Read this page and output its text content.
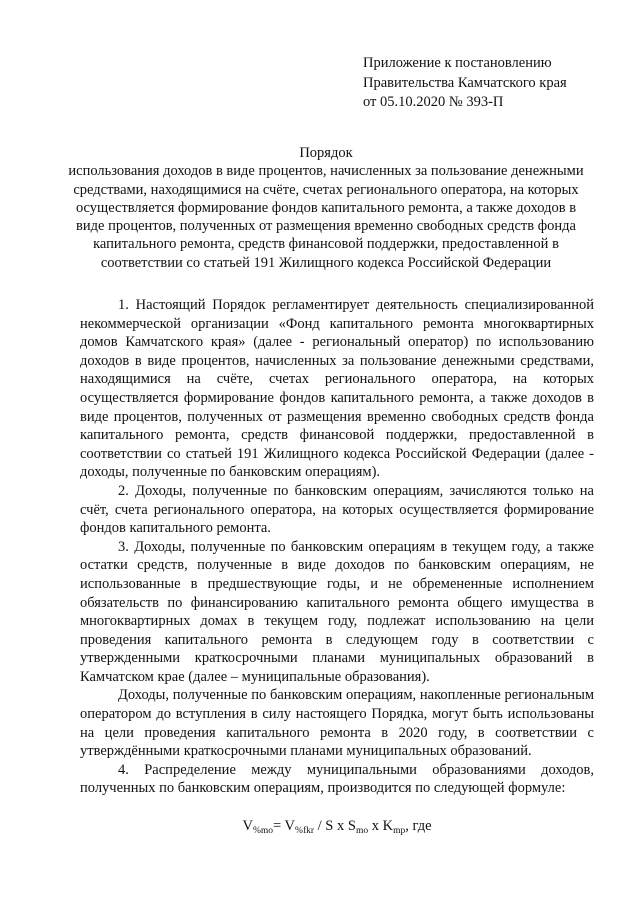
Приложение к постановлению
Правительства Камчатского края
от 05.10.2020 № 393-П
Порядок
использования доходов в виде процентов, начисленных за пользование денежными средствами, находящимися на счёте, счетах регионального оператора, на которых осуществляется формирование фондов капитального ремонта, а также доходов в виде процентов, полученных от размещения временно свободных средств фонда капитального ремонта, средств финансовой поддержки, предоставленной в соответствии со статьей 191 Жилищного кодекса Российской Федерации

1. Настоящий Порядок регламентирует деятельность специализированной некоммерческой организации «Фонд капитального ремонта многоквартирных домов Камчатского края» (далее - региональный оператор) по использованию доходов в виде процентов, начисленных за пользование денежными средствами, находящимися на счёте, счетах регионального оператора, на которых осуществляется формирование фондов капитального ремонта, а также доходов в виде процентов, полученных от размещения временно свободных средств фонда капитального ремонта, средств финансовой поддержки, предоставленной в соответствии со статьей 191 Жилищного кодекса Российской Федерации (далее - доходы, полученные по банковским операциям).

2. Доходы, полученные по банковским операциям, зачисляются только на счёт, счета регионального оператора, на которых осуществляется формирование фондов капитального ремонта.

3. Доходы, полученные по банковским операциям в текущем году, а также остатки средств, полученные в виде доходов по банковским операциям, не использованные в предшествующие годы, и не обремененные исполнением обязательств по финансированию капитального ремонта общего имущества в многоквартирных домах в текущем году, подлежат использованию на цели проведения капитального ремонта в следующем году в соответствии с утвержденными краткосрочными планами муниципальных образований в Камчатском крае (далее – муниципальные образования).

Доходы, полученные по банковским операциям, накопленные региональным оператором до вступления в силу настоящего Порядка, могут быть использованы на цели проведения капитального ремонта в 2020 году, в соответствии с утверждёнными краткосрочными планами муниципальных образований.

4. Распределение между муниципальными образованиями доходов, полученных по банковским операциям, производится по следующей формуле:

$V_{\%mo}= V_{\%fkr} / S$ x $S_{mo}$ x $K_{mp}$, где
